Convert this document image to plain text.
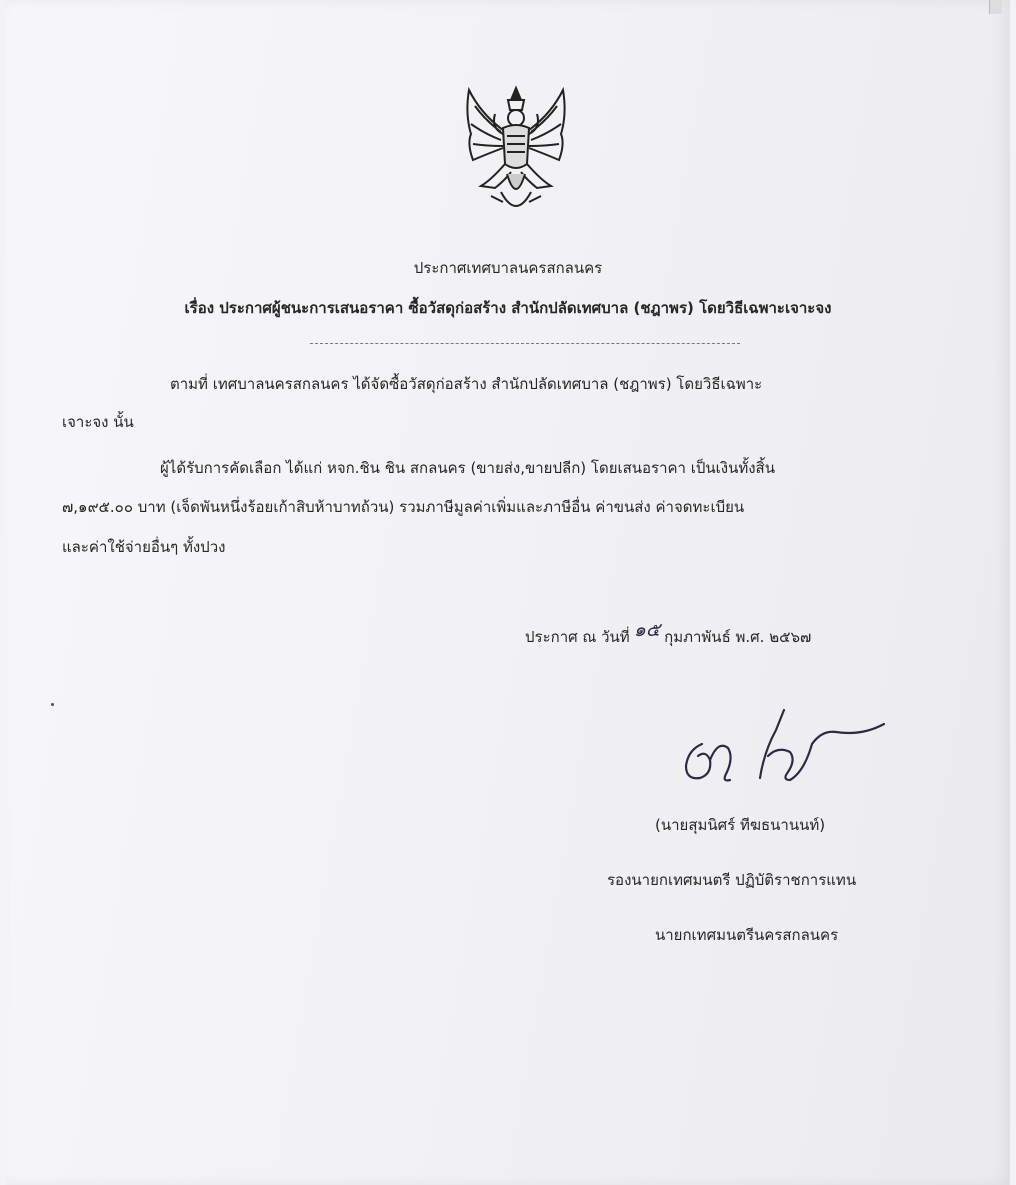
ประกาศเทศบาลนครสกลนคร
เรื่อง ประกาศผู้ชนะการเสนอราคา ซื้อวัสดุก่อสร้าง สำนักปลัดเทศบาล (ชฎาพร) โดยวิธีเฉพาะเจาะจง
ตามที่ เทศบาลนครสกลนคร ได้จัดซื้อวัสดุก่อสร้าง สำนักปลัดเทศบาล (ชฎาพร) โดยวิธีเฉพาะ
เจาะจง นั้น
ผู้ได้รับการคัดเลือก ได้แก่ หจก.ชิน ชิน สกลนคร (ขายส่ง,ขายปลีก) โดยเสนอราคา เป็นเงินทั้งสิ้น
๗,๑๙๕.๐๐ บาท (เจ็ดพันหนึ่งร้อยเก้าสิบห้าบาทถ้วน) รวมภาษีมูลค่าเพิ่มและภาษีอื่น ค่าขนส่ง ค่าจดทะเบียน
และค่าใช้จ่ายอื่นๆ ทั้งปวง
ประกาศ ณ วันที่ ๑๕ กุมภาพันธ์ พ.ศ. ๒๕๖๗
(นายสุมนิศร์ ทีฆธนานนท์)
รองนายกเทศมนตรี ปฏิบัติราชการแทน
นายกเทศมนตรีนครสกลนคร
